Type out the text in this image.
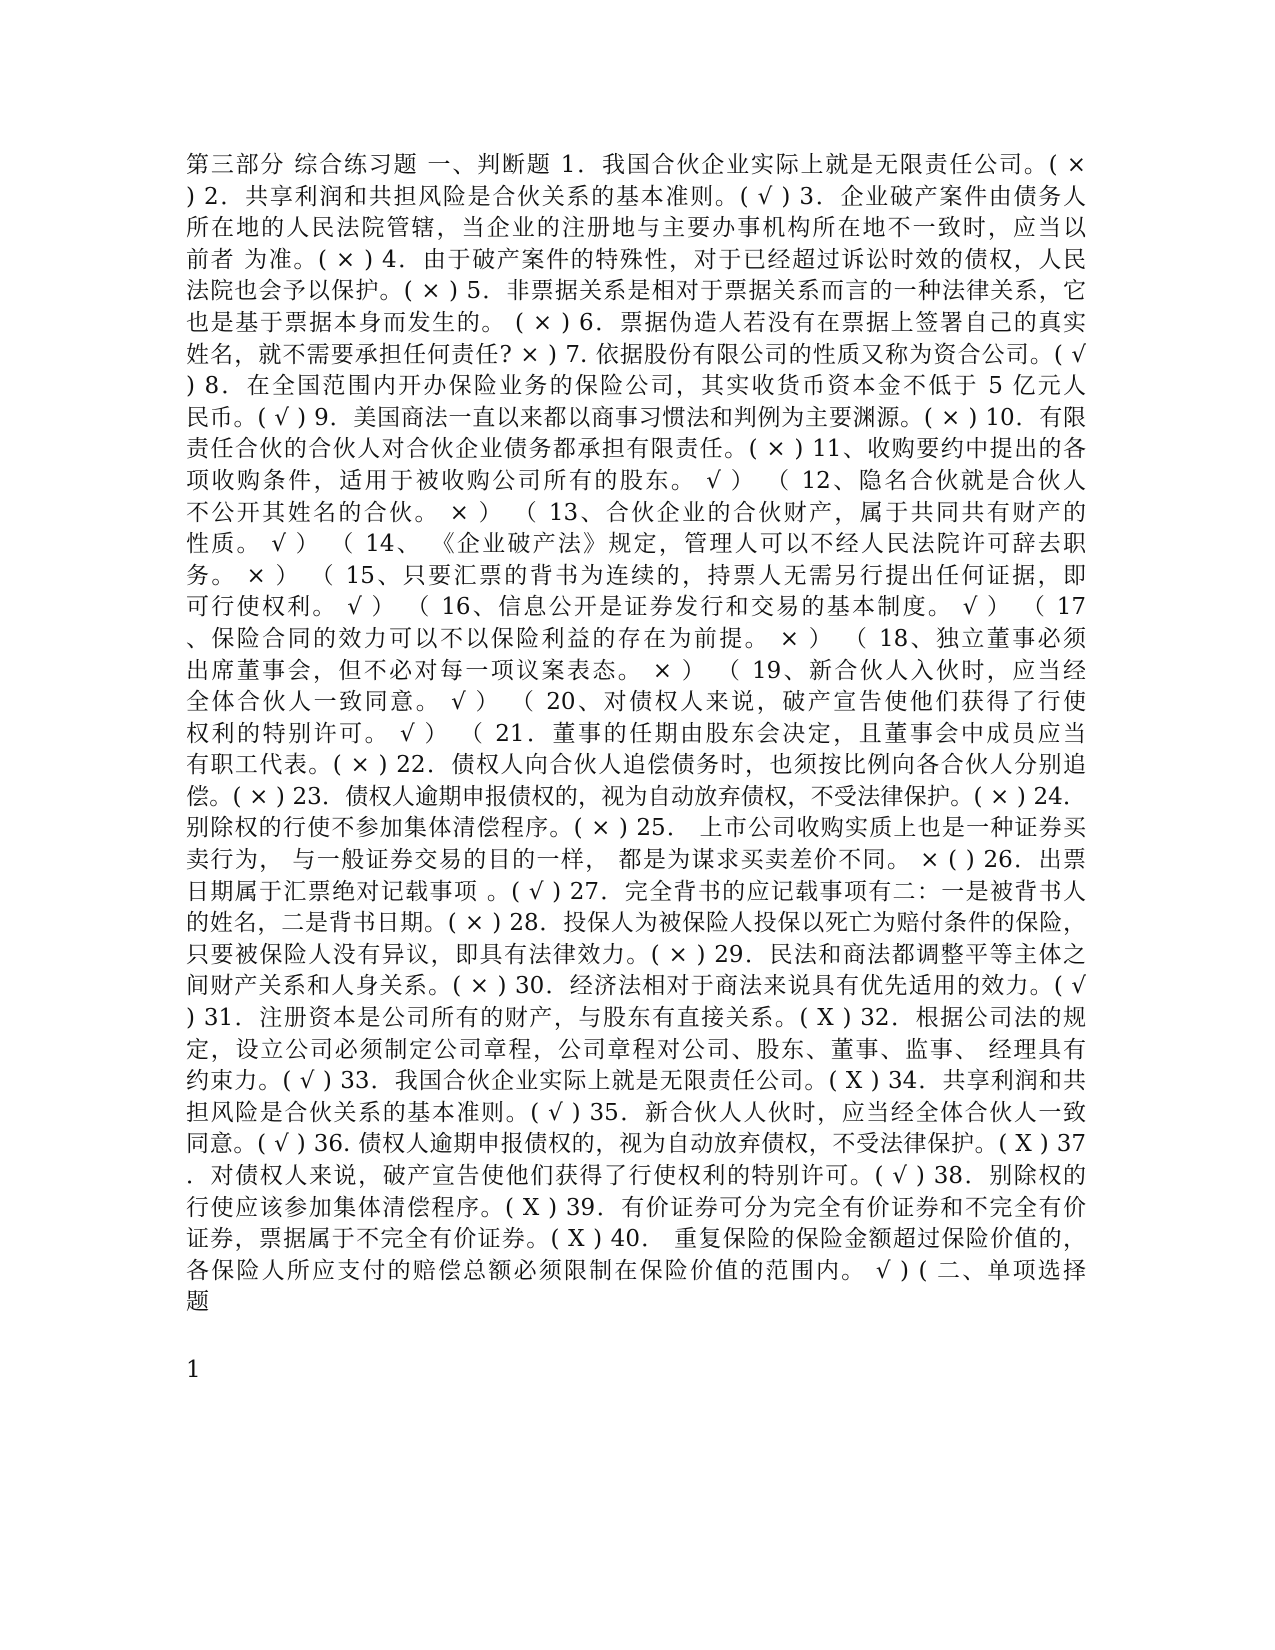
第三部分 综合练习题 一、判断题 1．我国合伙企业实际上就是无限责任公司。( ×
) 2．共享利润和共担风险是合伙关系的基本准则。( √ ) 3．企业破产案件由债务人
所在地的人民法院管辖，当企业的注册地与主要办事机构所在地不一致时，应当以
前者 为准。( × ) 4．由于破产案件的特殊性，对于已经超过诉讼时效的债权，人民
法院也会予以保护。( × ) 5．非票据关系是相对于票据关系而言的一种法律关系，它
也是基于票据本身而发生的。 ( × ) 6．票据伪造人若没有在票据上签署自己的真实
姓名，就不需要承担任何责任? × ) 7. 依据股份有限公司的性质又称为资合公司。( √
) 8．在全国范围内开办保险业务的保险公司，其实收货币资本金不低于 5 亿元人
民币。( √ ) 9．美国商法一直以来都以商事习惯法和判例为主要渊源。( × ) 10．有限
责任合伙的合伙人对合伙企业债务都承担有限责任。( × ) 11、收购要约中提出的各
项收购条件，适用于被收购公司所有的股东。 √ ） （ 12、隐名合伙就是合伙人
不公开其姓名的合伙。 × ） （ 13、合伙企业的合伙财产，属于共同共有财产的
性质。 √ ） （ 14、 《企业破产法》规定，管理人可以不经人民法院许可辞去职
务。 × ） （ 15、只要汇票的背书为连续的，持票人无需另行提出任何证据，即
可行使权利。 √ ） （ 16、信息公开是证券发行和交易的基本制度。 √ ） （ 17
、保险合同的效力可以不以保险利益的存在为前提。 × ） （ 18、独立董事必须
出席董事会，但不必对每一项议案表态。 × ） （ 19、新合伙人入伙时，应当经
全体合伙人一致同意。 √ ） （ 20、对债权人来说，破产宣告使他们获得了行使
权利的特别许可。 √ ） （ 21．董事的任期由股东会决定，且董事会中成员应当
有职工代表。( × ) 22．债权人向合伙人追偿债务时，也须按比例向各合伙人分别追
偿。( × ) 23．债权人逾期申报债权的，视为自动放弃债权，不受法律保护。( × ) 24．
别除权的行使不参加集体清偿程序。( × ) 25． 上市公司收购实质上也是一种证券买
卖行为， 与一般证券交易的目的一样， 都是为谋求买卖差价不同。 × ( ) 26．出票
日期属于汇票绝对记载事项 。( √ ) 27．完全背书的应记载事项有二：一是被背书人
的姓名，二是背书日期。( × ) 28．投保人为被保险人投保以死亡为赔付条件的保险，
只要被保险人没有异议，即具有法律效力。( × ) 29．民法和商法都调整平等主体之
间财产关系和人身关系。( × ) 30．经济法相对于商法来说具有优先适用的效力。( √
) 31．注册资本是公司所有的财产，与股东有直接关系。( X ) 32．根据公司法的规
定，设立公司必须制定公司章程，公司章程对公司、股东、董事、监事、 经理具有
约束力。( √ ) 33．我国合伙企业实际上就是无限责任公司。( X ) 34．共享利润和共
担风险是合伙关系的基本准则。( √ ) 35．新合伙人人伙时，应当经全体合伙人一致
同意。( √ ) 36. 债权人逾期申报债权的，视为自动放弃债权，不受法律保护。( X ) 37
．对债权人来说，破产宣告使他们获得了行使权利的特别许可。( √ ) 38．别除权的
行使应该参加集体清偿程序。( X ) 39．有价证券可分为完全有价证券和不完全有价
证券，票据属于不完全有价证券。( X ) 40． 重复保险的保险金额超过保险价值的，
各保险人所应支付的赔偿总额必须限制在保险价值的范围内。 √ ) ( 二、单项选择
题
1
